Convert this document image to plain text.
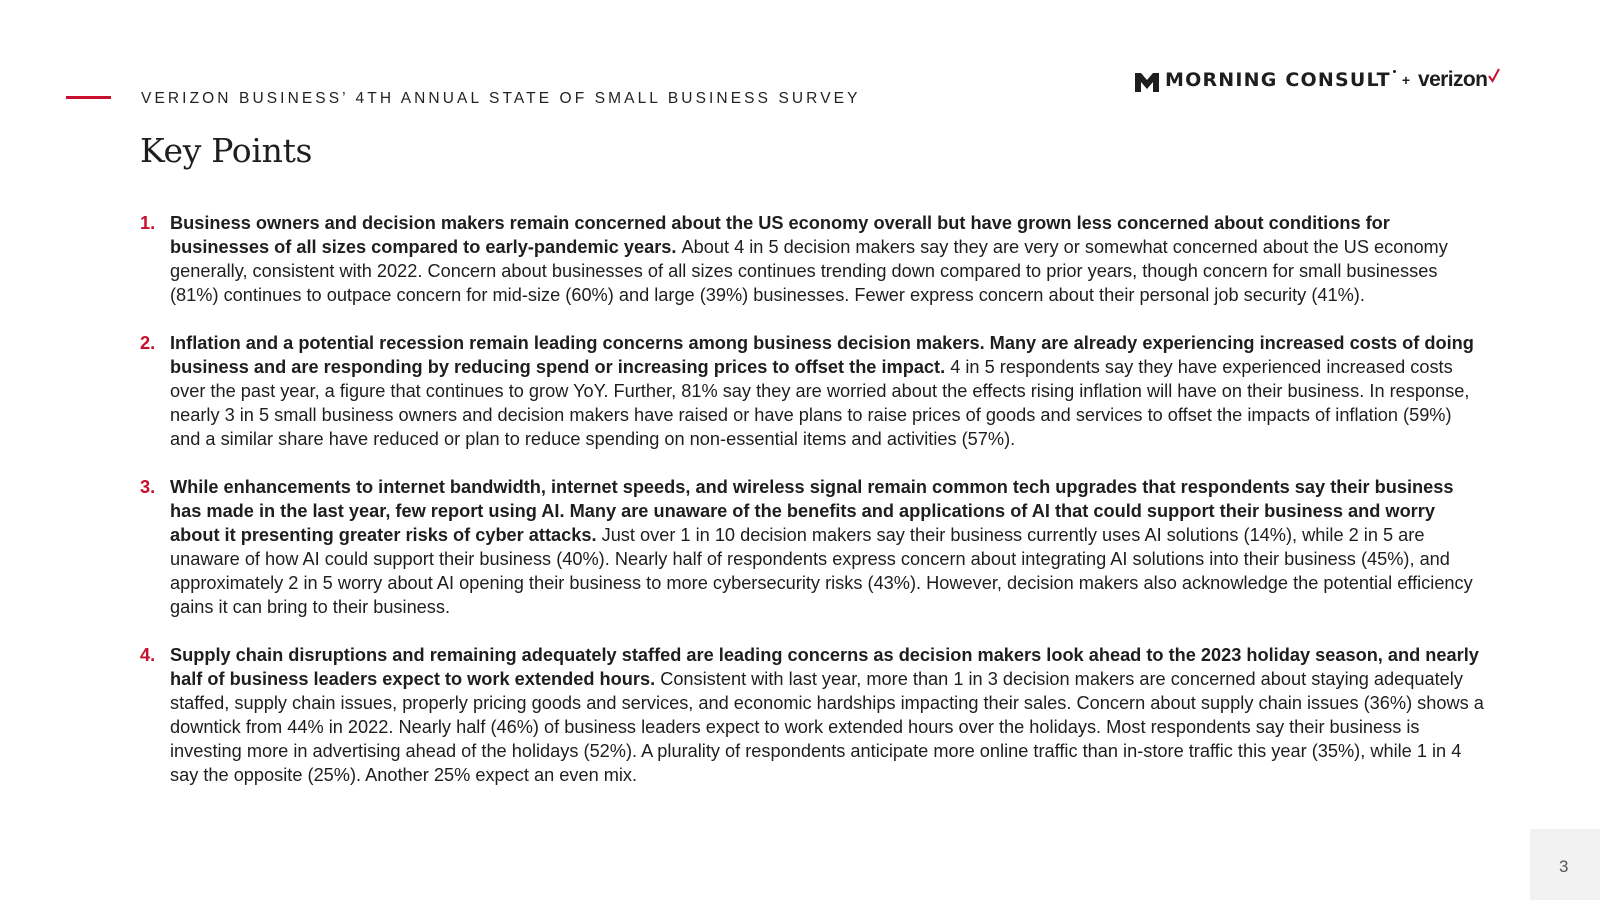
VERIZON BUSINESS’ 4TH ANNUAL STATE OF SMALL BUSINESS SURVEY
Key Points
MORNING CONSULT + verizon
1. Business owners and decision makers remain concerned about the US economy overall but have grown less concerned about conditions for businesses of all sizes compared to early-pandemic years. About 4 in 5 decision makers say they are very or somewhat concerned about the US economy generally, consistent with 2022. Concern about businesses of all sizes continues trending down compared to prior years, though concern for small businesses (81%) continues to outpace concern for mid-size (60%) and large (39%) businesses. Fewer express concern about their personal job security (41%).
2. Inflation and a potential recession remain leading concerns among business decision makers. Many are already experiencing increased costs of doing business and are responding by reducing spend or increasing prices to offset the impact. 4 in 5 respondents say they have experienced increased costs over the past year, a figure that continues to grow YoY. Further, 81% say they are worried about the effects rising inflation will have on their business. In response, nearly 3 in 5 small business owners and decision makers have raised or have plans to raise prices of goods and services to offset the impacts of inflation (59%) and a similar share have reduced or plan to reduce spending on non-essential items and activities (57%).
3. While enhancements to internet bandwidth, internet speeds, and wireless signal remain common tech upgrades that respondents say their business has made in the last year, few report using AI. Many are unaware of the benefits and applications of AI that could support their business and worry about it presenting greater risks of cyber attacks. Just over 1 in 10 decision makers say their business currently uses AI solutions (14%), while 2 in 5 are unaware of how AI could support their business (40%). Nearly half of respondents express concern about integrating AI solutions into their business (45%), and approximately 2 in 5 worry about AI opening their business to more cybersecurity risks (43%). However, decision makers also acknowledge the potential efficiency gains it can bring to their business.
4. Supply chain disruptions and remaining adequately staffed are leading concerns as decision makers look ahead to the 2023 holiday season, and nearly half of business leaders expect to work extended hours. Consistent with last year, more than 1 in 3 decision makers are concerned about staying adequately staffed, supply chain issues, properly pricing goods and services, and economic hardships impacting their sales. Concern about supply chain issues (36%) shows a downtick from 44% in 2022. Nearly half (46%) of business leaders expect to work extended hours over the holidays. Most respondents say their business is investing more in advertising ahead of the holidays (52%). A plurality of respondents anticipate more online traffic than in-store traffic this year (35%), while 1 in 4 say the opposite (25%). Another 25% expect an even mix.
3
